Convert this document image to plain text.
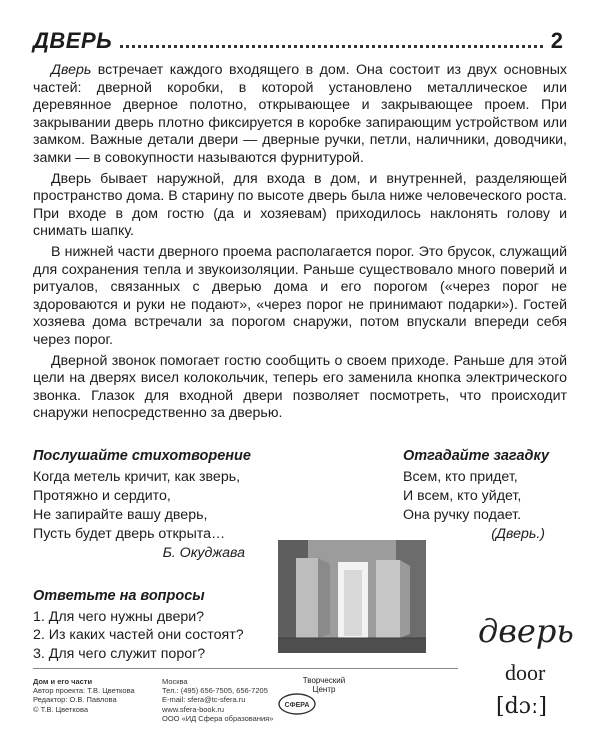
ДВЕРЬ	2

Дверь встречает каждого входящего в дом. Она состоит из двух основных частей: дверной коробки, в которой установлено металлическое или деревянное дверное полотно, открывающее и закрывающее проем. При закрывании дверь плотно фиксируется в коробке запирающим устройством или замком. Важные детали двери — дверные ручки, петли, наличники, доводчики, замки — в совокупности называются фурнитурой.

Дверь бывает наружной, для входа в дом, и внутренней, разделяющей пространство дома. В старину по высоте дверь была ниже человеческого роста. При входе в дом гостю (да и хозяевам) приходилось наклонять голову и снимать шапку.

В нижней части дверного проема располагается порог. Это брусок, служащий для сохранения тепла и звукоизоляции. Раньше существовало много поверий и ритуалов, связанных с дверью дома и его порогом («через порог не здороваются и руки не подают», «через порог не принимают подарки»). Гостей хозяева дома встречали за порогом снаружи, потом впускали впереди себя через порог.

Дверной звонок помогает гостю сообщить о своем приходе. Раньше для этой цели на дверях висел колокольчик, теперь его заменила кнопка электрического звонка. Глазок для входной двери позволяет посмотреть, что происходит снаружи непосредственно за дверью.

Послушайте стихотворение
Когда метель кричит, как зверь,
Протяжно и сердито,
Не запирайте вашу дверь,
Пусть будет дверь открыта…
Б. Окуджава
Отгадайте загадку
Всем, кто придет,
И всем, кто уйдет,
Она ручку подает.
(Дверь.)
Ответьте на вопросы
1. Для чего нужны двери?
2. Из каких частей они состоят?
3. Для чего служит порог?
дверь
door
[dɔː]
Дом и его части
Автор проекта: Т.В. Цветкова
Редактор: О.В. Павлова
© Т.В. Цветкова
Москва
Тел.: (495) 656-7505, 656-7205
E-mail: sfera@tc-sfera.ru
www.sfera-book.ru
ООО «ИД Сфера образования»
Творческий
Центр
СФЕРА
